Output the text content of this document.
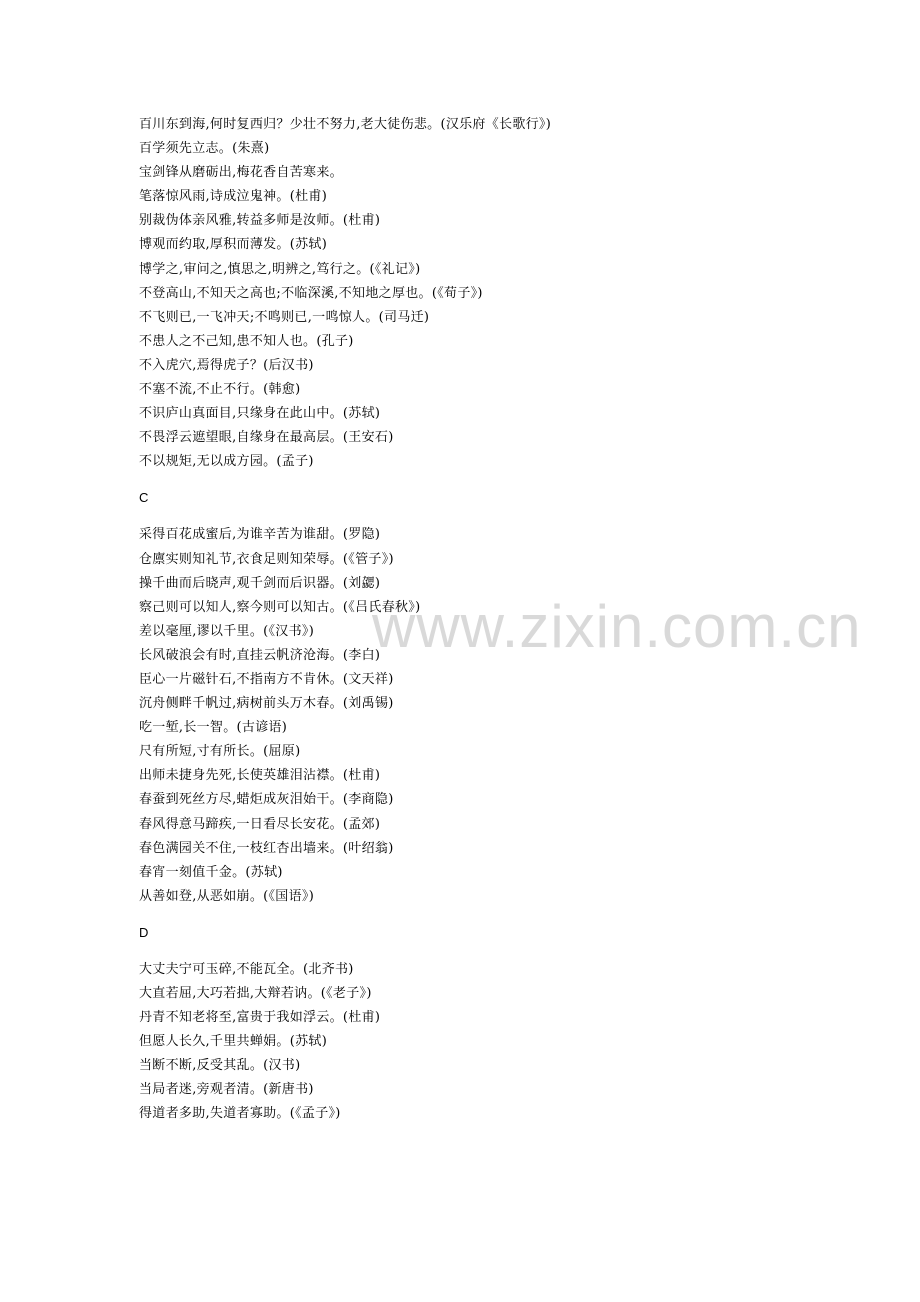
百川东到海,何时复西归？少壮不努力,老大徒伤悲。(汉乐府《长歌行》)
百学须先立志。(朱熹)
宝剑锋从磨砺出,梅花香自苦寒来。
笔落惊风雨,诗成泣鬼神。(杜甫)
别裁伪体亲风雅,转益多师是汝师。(杜甫)
博观而约取,厚积而薄发。(苏轼)
博学之,审问之,慎思之,明辨之,笃行之。(《礼记》)
不登高山,不知天之高也;不临深溪,不知地之厚也。(《荀子》)
不飞则已,一飞冲天;不鸣则已,一鸣惊人。(司马迁)
不患人之不己知,患不知人也。(孔子)
不入虎穴,焉得虎子？(后汉书)
不塞不流,不止不行。(韩愈)
不识庐山真面目,只缘身在此山中。(苏轼)
不畏浮云遮望眼,自缘身在最高层。(王安石)
不以规矩,无以成方园。(孟子)
C
采得百花成蜜后,为谁辛苦为谁甜。(罗隐)
仓廪实则知礼节,衣食足则知荣辱。(《管子》)
操千曲而后晓声,观千剑而后识器。(刘勰)
察己则可以知人,察今则可以知古。(《吕氏春秋》)
差以毫厘,谬以千里。(《汉书》)
长风破浪会有时,直挂云帆济沧海。(李白)
臣心一片磁针石,不指南方不肯休。(文天祥)
沉舟侧畔千帆过,病树前头万木春。(刘禹锡)
吃一堑,长一智。(古谚语)
尺有所短,寸有所长。(屈原)
出师未捷身先死,长使英雄泪沾襟。(杜甫)
春蚕到死丝方尽,蜡炬成灰泪始干。(李商隐)
春风得意马蹄疾,一日看尽长安花。(孟郊)
春色满园关不住,一枝红杏出墙来。(叶绍翁)
春宵一刻值千金。(苏轼)
从善如登,从恶如崩。(《国语》)
D
大丈夫宁可玉碎,不能瓦全。(北齐书)
大直若屈,大巧若拙,大辩若讷。(《老子》)
丹青不知老将至,富贵于我如浮云。(杜甫)
但愿人长久,千里共蝉娟。(苏轼)
当断不断,反受其乱。(汉书)
当局者迷,旁观者清。(新唐书)
得道者多助,失道者寡助。(《孟子》)
www.zixin.com.cn
